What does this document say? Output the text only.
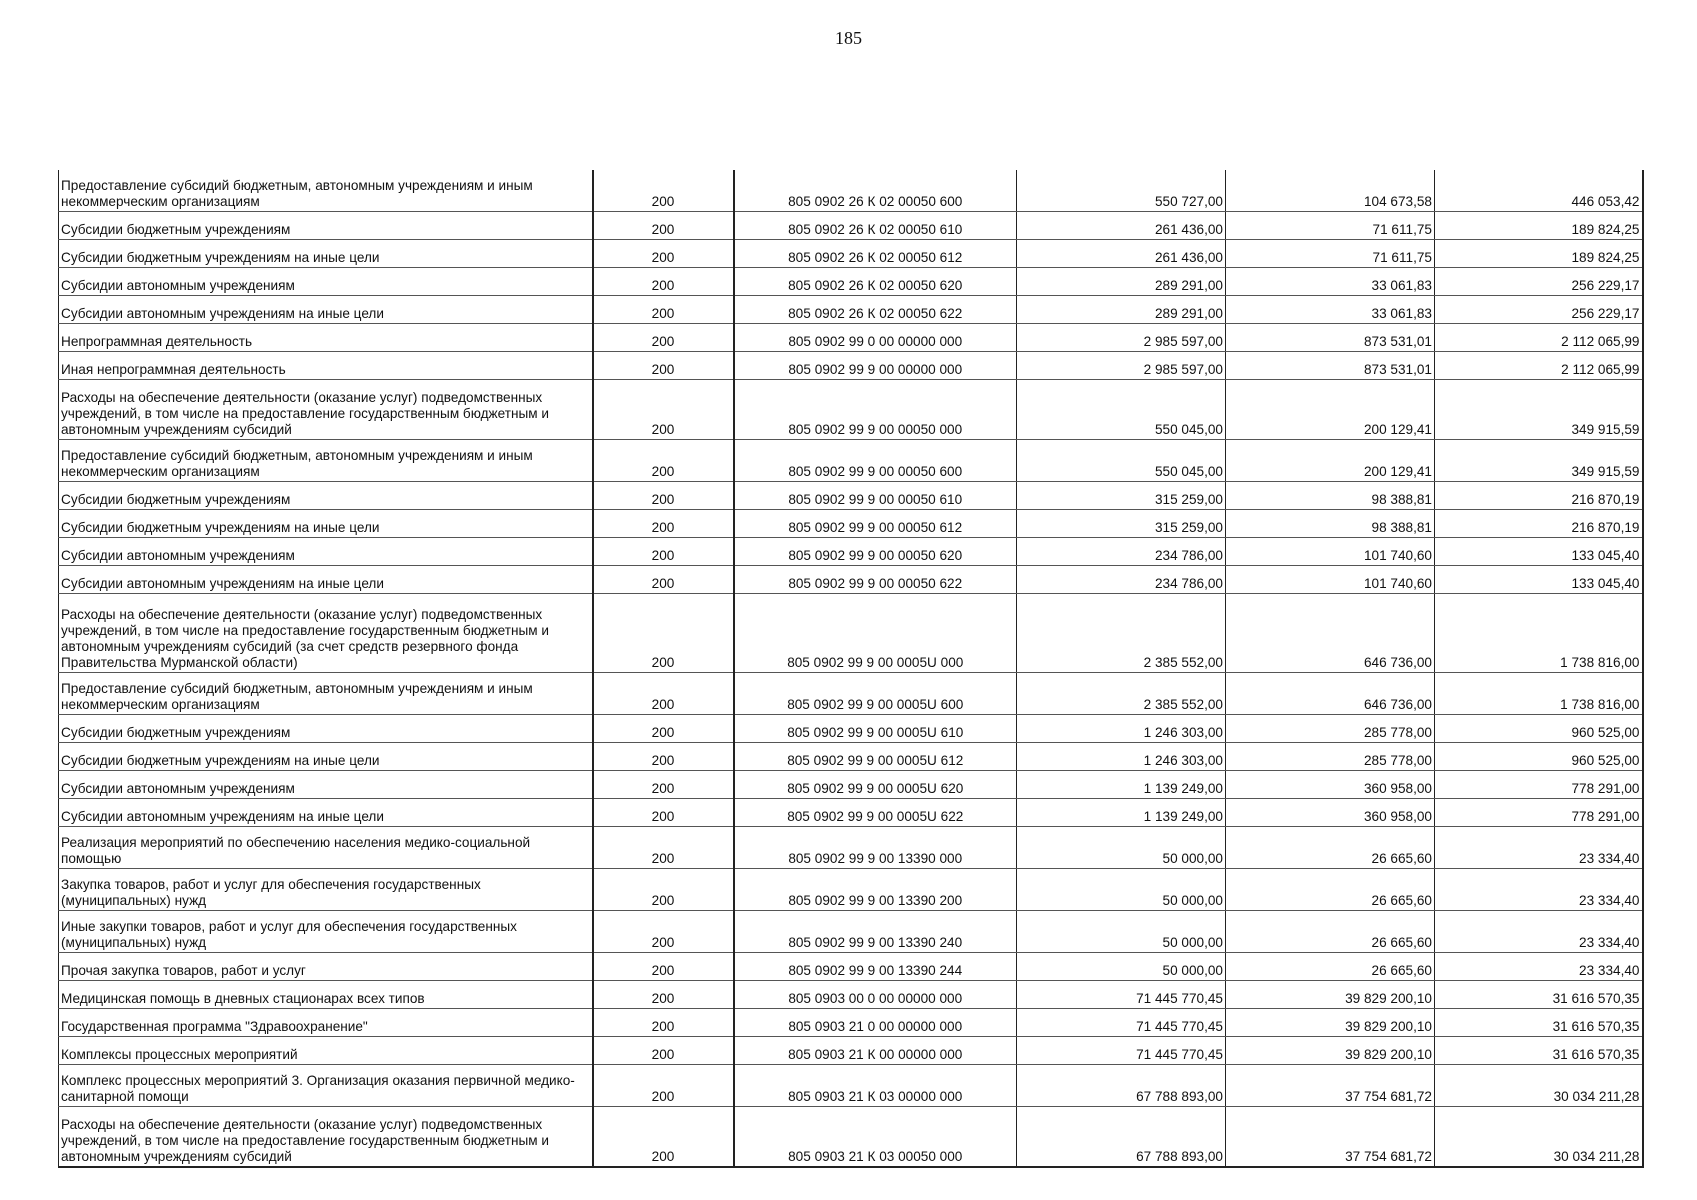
185
Предоставление субсидий бюджетным, автономным учреждениям и иным некоммерческим организациям	200	805 0902 26 К 02 00050 600	550 727,00	104 673,58	446 053,42
Субсидии бюджетным учреждениям	200	805 0902 26 К 02 00050 610	261 436,00	71 611,75	189 824,25
Субсидии бюджетным учреждениям на иные цели	200	805 0902 26 К 02 00050 612	261 436,00	71 611,75	189 824,25
Субсидии автономным учреждениям	200	805 0902 26 К 02 00050 620	289 291,00	33 061,83	256 229,17
Субсидии автономным учреждениям на иные цели	200	805 0902 26 К 02 00050 622	289 291,00	33 061,83	256 229,17
Непрограммная деятельность	200	805 0902 99 0 00 00000 000	2 985 597,00	873 531,01	2 112 065,99
Иная непрограммная деятельность	200	805 0902 99 9 00 00000 000	2 985 597,00	873 531,01	2 112 065,99
Расходы на обеспечение деятельности (оказание услуг) подведомственных учреждений, в том числе на предоставление государственным бюджетным и автономным учреждениям субсидий	200	805 0902 99 9 00 00050 000	550 045,00	200 129,41	349 915,59
Предоставление субсидий бюджетным, автономным учреждениям и иным некоммерческим организациям	200	805 0902 99 9 00 00050 600	550 045,00	200 129,41	349 915,59
Субсидии бюджетным учреждениям	200	805 0902 99 9 00 00050 610	315 259,00	98 388,81	216 870,19
Субсидии бюджетным учреждениям на иные цели	200	805 0902 99 9 00 00050 612	315 259,00	98 388,81	216 870,19
Субсидии автономным учреждениям	200	805 0902 99 9 00 00050 620	234 786,00	101 740,60	133 045,40
Субсидии автономным учреждениям на иные цели	200	805 0902 99 9 00 00050 622	234 786,00	101 740,60	133 045,40
Расходы на обеспечение деятельности (оказание услуг) подведомственных учреждений, в том числе на предоставление государственным бюджетным и автономным учреждениям субсидий (за счет средств резервного фонда Правительства Мурманской области)	200	805 0902 99 9 00 0005U 000	2 385 552,00	646 736,00	1 738 816,00
Предоставление субсидий бюджетным, автономным учреждениям и иным некоммерческим организациям	200	805 0902 99 9 00 0005U 600	2 385 552,00	646 736,00	1 738 816,00
Субсидии бюджетным учреждениям	200	805 0902 99 9 00 0005U 610	1 246 303,00	285 778,00	960 525,00
Субсидии бюджетным учреждениям на иные цели	200	805 0902 99 9 00 0005U 612	1 246 303,00	285 778,00	960 525,00
Субсидии автономным учреждениям	200	805 0902 99 9 00 0005U 620	1 139 249,00	360 958,00	778 291,00
Субсидии автономным учреждениям на иные цели	200	805 0902 99 9 00 0005U 622	1 139 249,00	360 958,00	778 291,00
Реализация мероприятий по обеспечению населения медико-социальной помощью	200	805 0902 99 9 00 13390 000	50 000,00	26 665,60	23 334,40
Закупка товаров, работ и услуг для обеспечения государственных (муниципальных) нужд	200	805 0902 99 9 00 13390 200	50 000,00	26 665,60	23 334,40
Иные закупки товаров, работ и услуг для обеспечения государственных (муниципальных) нужд	200	805 0902 99 9 00 13390 240	50 000,00	26 665,60	23 334,40
Прочая закупка товаров, работ и услуг	200	805 0902 99 9 00 13390 244	50 000,00	26 665,60	23 334,40
Медицинская помощь в дневных стационарах всех типов	200	805 0903 00 0 00 00000 000	71 445 770,45	39 829 200,10	31 616 570,35
Государственная программа "Здравоохранение"	200	805 0903 21 0 00 00000 000	71 445 770,45	39 829 200,10	31 616 570,35
Комплексы процессных мероприятий	200	805 0903 21 К 00 00000 000	71 445 770,45	39 829 200,10	31 616 570,35
Комплекс процессных мероприятий 3. Организация оказания первичной медико-санитарной помощи	200	805 0903 21 К 03 00000 000	67 788 893,00	37 754 681,72	30 034 211,28
Расходы на обеспечение деятельности (оказание услуг) подведомственных учреждений, в том числе на предоставление государственным бюджетным и автономным учреждениям субсидий	200	805 0903 21 К 03 00050 000	67 788 893,00	37 754 681,72	30 034 211,28
